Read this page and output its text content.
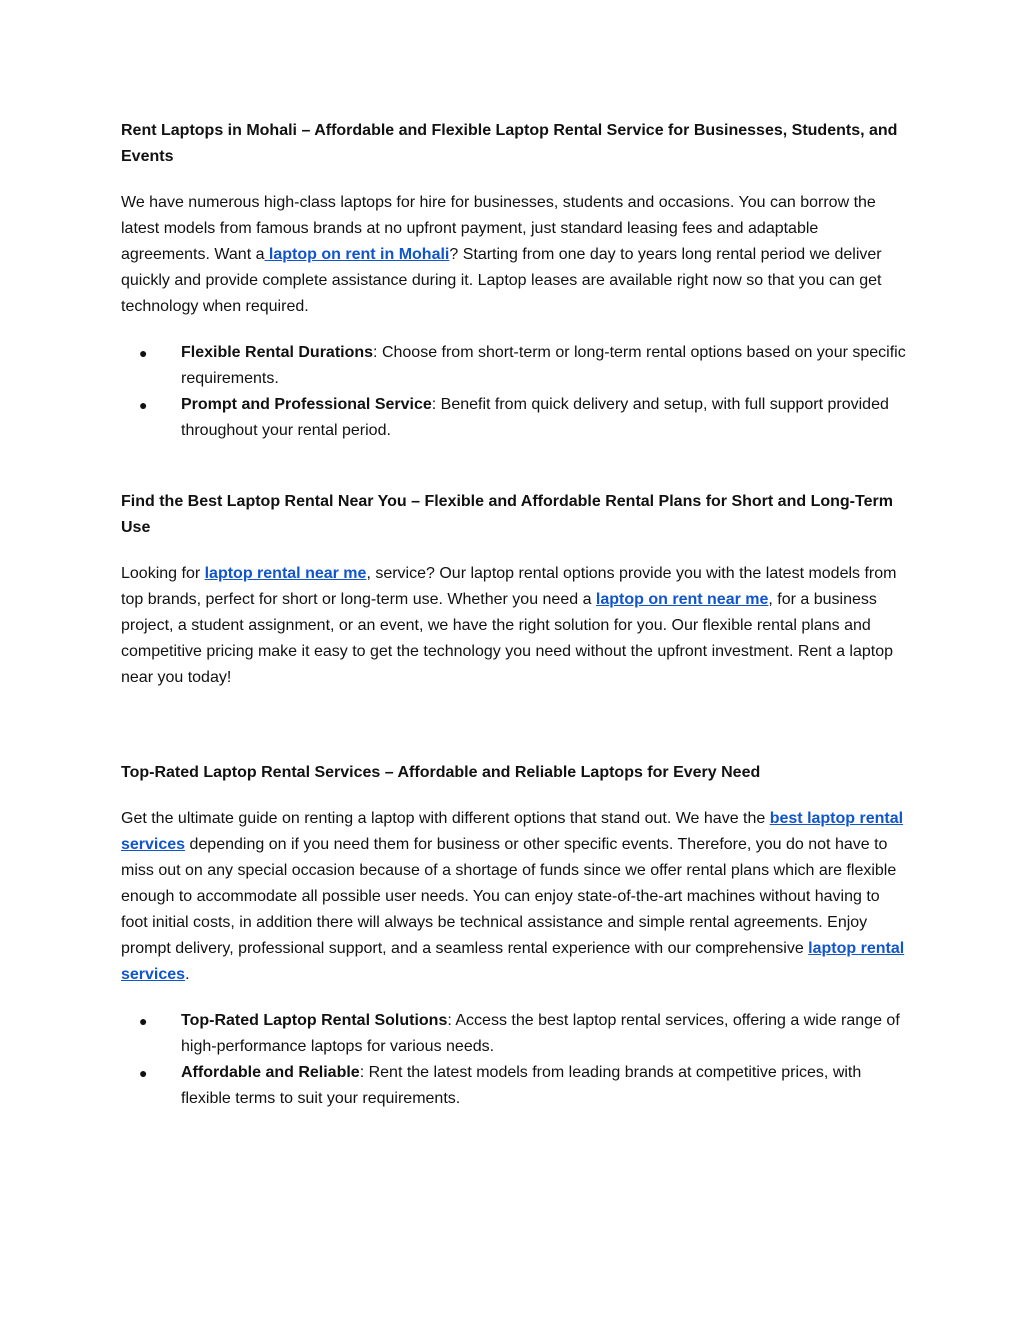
Rent Laptops in Mohali – Affordable and Flexible Laptop Rental Service for Businesses, Students, and Events

We have numerous high-class laptops for hire for businesses, students and occasions. You can borrow the latest models from famous brands at no upfront payment, just standard leasing fees and adaptable agreements. Want a laptop on rent in Mohali? Starting from one day to years long rental period we deliver quickly and provide complete assistance during it. Laptop leases are available right now so that you can get technology when required.

● Flexible Rental Durations: Choose from short-term or long-term rental options based on your specific requirements.
● Prompt and Professional Service: Benefit from quick delivery and setup, with full support provided throughout your rental period.

Find the Best Laptop Rental Near You – Flexible and Affordable Rental Plans for Short and Long-Term Use

Looking for laptop rental near me, service? Our laptop rental options provide you with the latest models from top brands, perfect for short or long-term use. Whether you need a laptop on rent near me, for a business project, a student assignment, or an event, we have the right solution for you. Our flexible rental plans and competitive pricing make it easy to get the technology you need without the upfront investment. Rent a laptop near you today!

Top-Rated Laptop Rental Services – Affordable and Reliable Laptops for Every Need

Get the ultimate guide on renting a laptop with different options that stand out. We have the best laptop rental services depending on if you need them for business or other specific events. Therefore, you do not have to miss out on any special occasion because of a shortage of funds since we offer rental plans which are flexible enough to accommodate all possible user needs. You can enjoy state-of-the-art machines without having to foot initial costs, in addition there will always be technical assistance and simple rental agreements. Enjoy prompt delivery, professional support, and a seamless rental experience with our comprehensive laptop rental services.

● Top-Rated Laptop Rental Solutions: Access the best laptop rental services, offering a wide range of high-performance laptops for various needs.
● Affordable and Reliable: Rent the latest models from leading brands at competitive prices, with flexible terms to suit your requirements.
